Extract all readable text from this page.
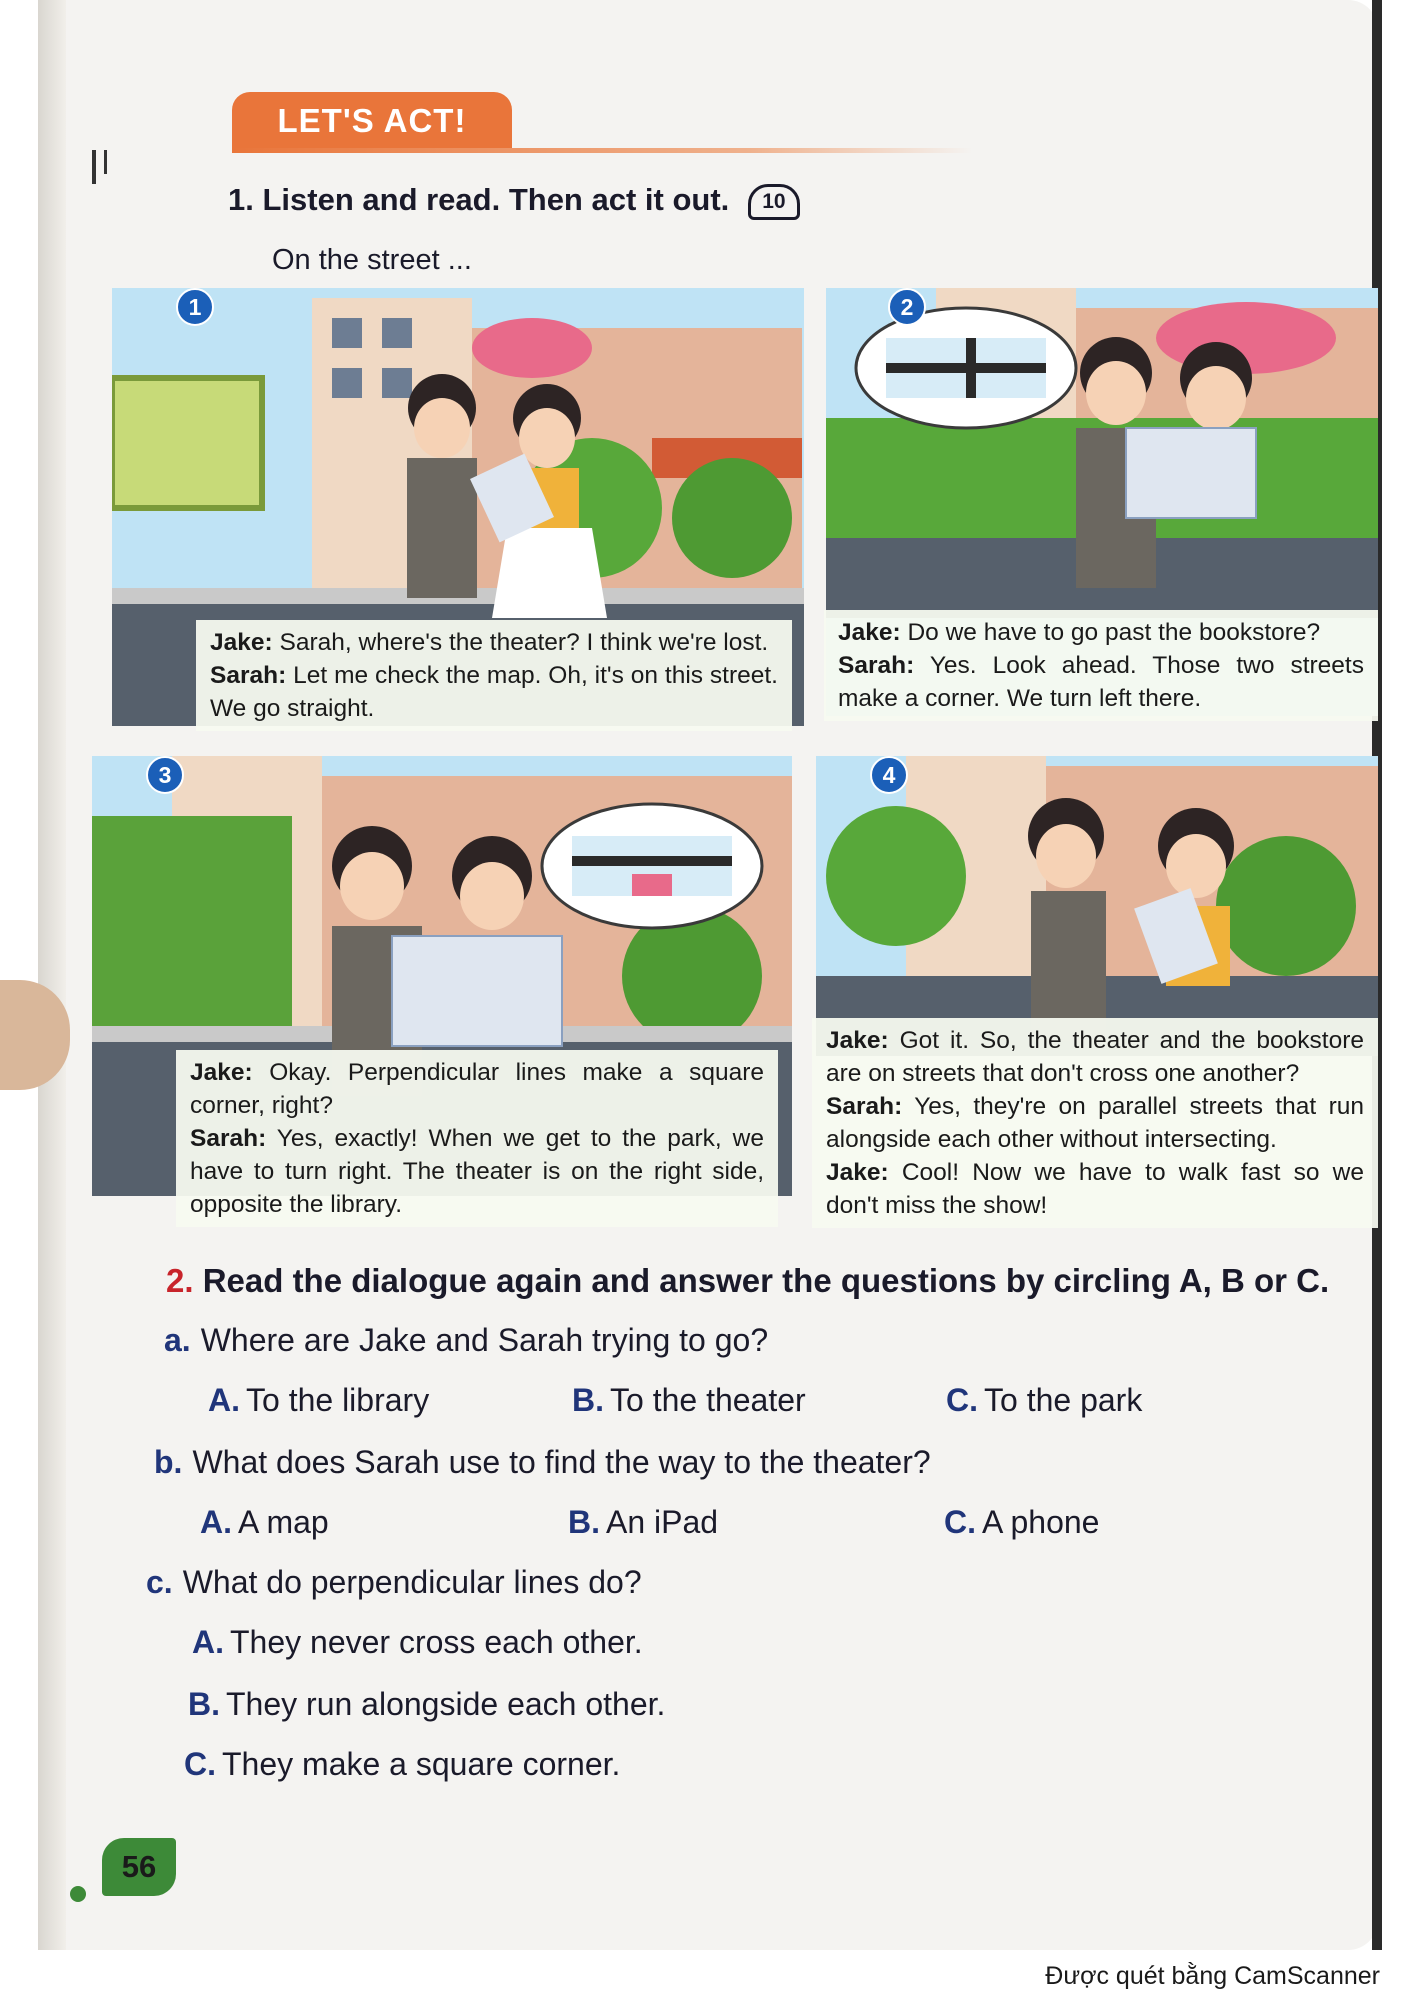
LET'S ACT!
1. Listen and read. Then act it out. 10
On the street ...
1

Jake: Sarah, where's the theater? I think we're lost.

Sarah: Let me check the map. Oh, it's on this street. We go straight.

2

Jake: Do we have to go past the bookstore?

Sarah: Yes. Look ahead. Those two streets make a corner. We turn left there.

3

Jake: Okay. Perpendicular lines make a square corner, right?

Sarah: Yes, exactly! When we get to the park, we have to turn right. The theater is on the right side, opposite the library.

4

Jake: Got it. So, the theater and the bookstore are on streets that don't cross one another?

Sarah: Yes, they're on parallel streets that run alongside each other without intersecting.

Jake: Cool! Now we have to walk fast so we don't miss the show!

2. Read the dialogue again and answer the questions by circling A, B or C.
a. Where are Jake and Sarah trying to go?
A. To the library	B. To the theater	C. To the park
b. What does Sarah use to find the way to the theater?
A. A map	B. An iPad	C. A phone
c. What do perpendicular lines do?
A. They never cross each other.
B. They run alongside each other.
C. They make a square corner.
56
Được quét bằng CamScanner
